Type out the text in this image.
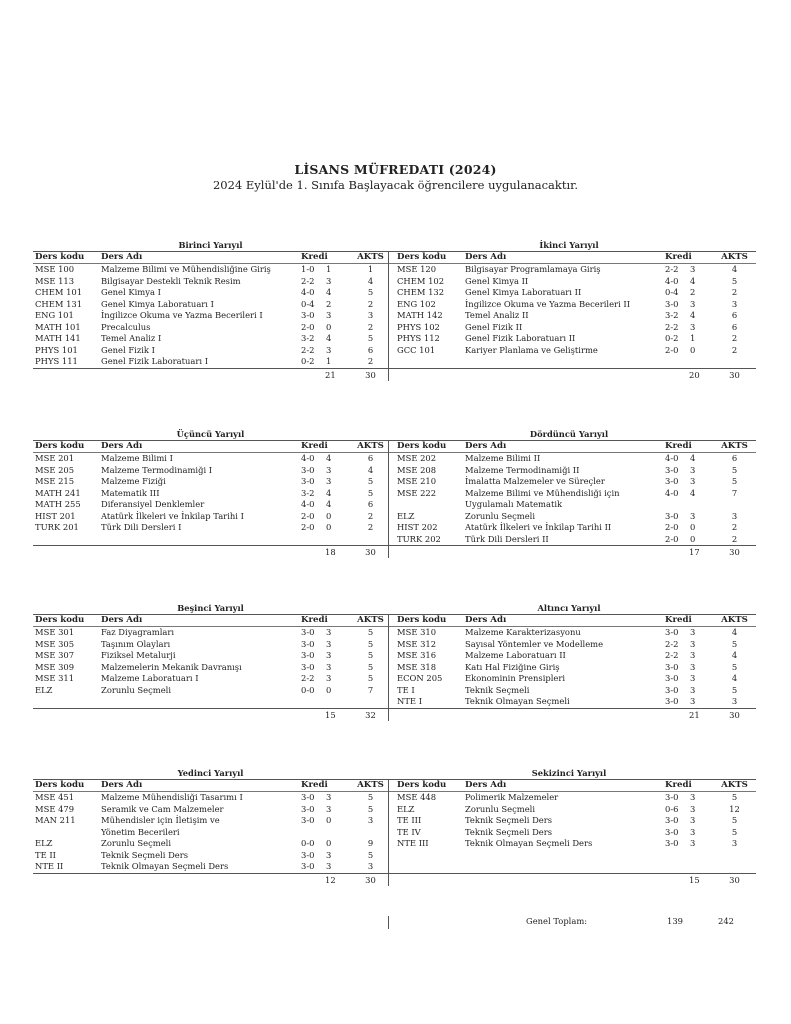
LİSANS MÜFREDATI (2024)
2024 Eylül'de 1. Sınıfa Başlayacak öğrencilere uygulanacaktır.
Birinci Yarıyıl
Ders kodu	Ders Adı	Kredi		AKTS
MSE 100	Malzeme Bilimi ve Mühendisliğine Giriş	1-0	1	1
MSE 113	Bilgisayar Destekli Teknik Resim	2-2	3	4
CHEM 101	Genel Kimya I	4-0	4	5
CHEM 131	Genel Kimya Laboratuarı I	0-4	2	2
ENG 101	İngilizce Okuma ve Yazma Becerileri I	3-0	3	3
MATH 101	Precalculus	2-0	0	2
MATH 141	Temel Analiz I	3-2	4	5
PHYS 101	Genel Fizik I	2-2	3	6
PHYS 111	Genel Fizik Laboratuarı I	0-2	1	2
		21		30
İkinci Yarıyıl
Ders kodu	Ders Adı	Kredi		AKTS
MSE 120	Bilgisayar Programlamaya Giriş	2-2	3	4
CHEM 102	Genel Kimya II	4-0	4	5
CHEM 132	Genel Kimya Laboratuarı II	0-4	2	2
ENG 102	İngilizce Okuma ve Yazma Becerileri II	3-0	3	3
MATH 142	Temel Analiz II	3-2	4	6
PHYS 102	Genel Fizik II	2-2	3	6
PHYS 112	Genel Fizik Laboratuarı II	0-2	1	2
GCC 101	Kariyer Planlama ve Geliştirme	2-0	0	2

		20		30
Üçüncü Yarıyıl
Ders kodu	Ders Adı	Kredi		AKTS
MSE 201	Malzeme Bilimi I	4-0	4	6
MSE 205	Malzeme Termodinamiği I	3-0	3	4
MSE 215	Malzeme Fiziği	3-0	3	5
MATH 241	Matematik III	3-2	4	5
MATH 255	Diferansiyel Denklemler	4-0	4	6
HIST 201	Atatürk İlkeleri ve İnkilap Tarihi I	2-0	0	2
TURK 201	Türk Dili Dersleri I	2-0	0	2

		18		30
Dördüncü Yarıyıl
Ders kodu	Ders Adı	Kredi		AKTS
MSE 202	Malzeme Bilimi II	4-0	4	6
MSE 208	Malzeme Termodinamiği II	3-0	3	5
MSE 210	İmalatta Malzemeler ve Süreçler	3-0	3	5
MSE 222	Malzeme Bilimi ve Mühendisliği için
Uygulamalı Matematik	4-0	4	7
ELZ	Zorunlu Seçmeli	3-0	3	3
HIST 202	Atatürk İlkeleri ve İnkilap Tarihi II	2-0	0	2
TURK 202	Türk Dili Dersleri II	2-0	0	2
		17		30
Beşinci Yarıyıl
Ders kodu	Ders Adı	Kredi		AKTS
MSE 301	Faz Diyagramları	3-0	3	5
MSE 305	Taşınım Olayları	3-0	3	5
MSE 307	Fiziksel Metalurji	3-0	3	5
MSE 309	Malzemelerin Mekanik Davranışı	3-0	3	5
MSE 311	Malzeme Laboratuarı I	2-2	3	5
ELZ	Zorunlu Seçmeli	0-0	0	7

		15		32
Altıncı Yarıyıl
Ders kodu	Ders Adı	Kredi		AKTS
MSE 310	Malzeme Karakterizasyonu	3-0	3	4
MSE 312	Sayısal Yöntemler ve Modelleme	2-2	3	5
MSE 316	Malzeme Laboratuarı II	2-2	3	4
MSE 318	Katı Hal Fiziğine Giriş	3-0	3	5
ECON 205	Ekonominin Prensipleri	3-0	3	4
TE I	Teknik Seçmeli	3-0	3	5
NTE I	Teknik Olmayan Seçmeli	3-0	3	3
		21		30
Yedinci Yarıyıl
Ders kodu	Ders Adı	Kredi		AKTS
MSE 451	Malzeme Mühendisliği Tasarımı I	3-0	3	5
MSE 479	Seramik ve Cam Malzemeler	3-0	3	5
MAN 211	Mühendisler için İletişim ve
Yönetim Becerileri	3-0	0	3
ELZ	Zorunlu Seçmeli	0-0	0	9
TE II	Teknik Seçmeli Ders	3-0	3	5
NTE II	Teknik Olmayan Seçmeli Ders	3-0	3	3
		12		30
Sekizinci Yarıyıl
Ders kodu	Ders Adı	Kredi		AKTS
MSE 448	Polimerik Malzemeler	3-0	3	5
ELZ	Zorunlu Seçmeli	0-6	3	12
TE III	Teknik Seçmeli Ders	3-0	3	5
TE IV	Teknik Seçmeli Ders	3-0	3	5
NTE III	Teknik Olmayan Seçmeli Ders	3-0	3	3

		15		30
Genel Toplam:	139	242
